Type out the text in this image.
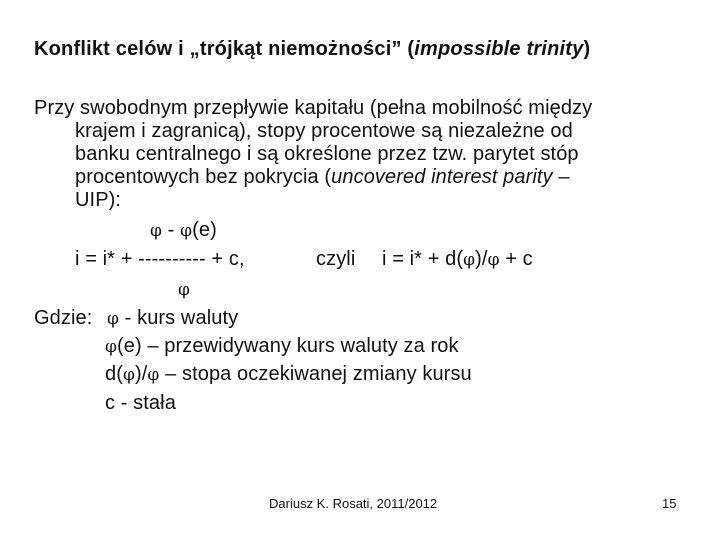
Konflikt celów i „trójkąt niemożności” (impossible trinity)
Przy swobodnym przepływie kapitału (pełna mobilność między
krajem i zagranicą), stopy procentowe są niezależne od
banku centralnego i są określone przez tzw. parytet stóp
procentowych bez pokrycia (uncovered interest parity –
UIP):
φ - φ(e)
i = i* + ---------- + c,	czyli i = i* + d(φ)/φ + c
φ
Gdzie: φ - kurs waluty
φ(e) – przewidywany kurs waluty za rok
d(φ)/φ – stopa oczekiwanej zmiany kursu
c - stała
Dariusz K. Rosati, 2011/2012	15
